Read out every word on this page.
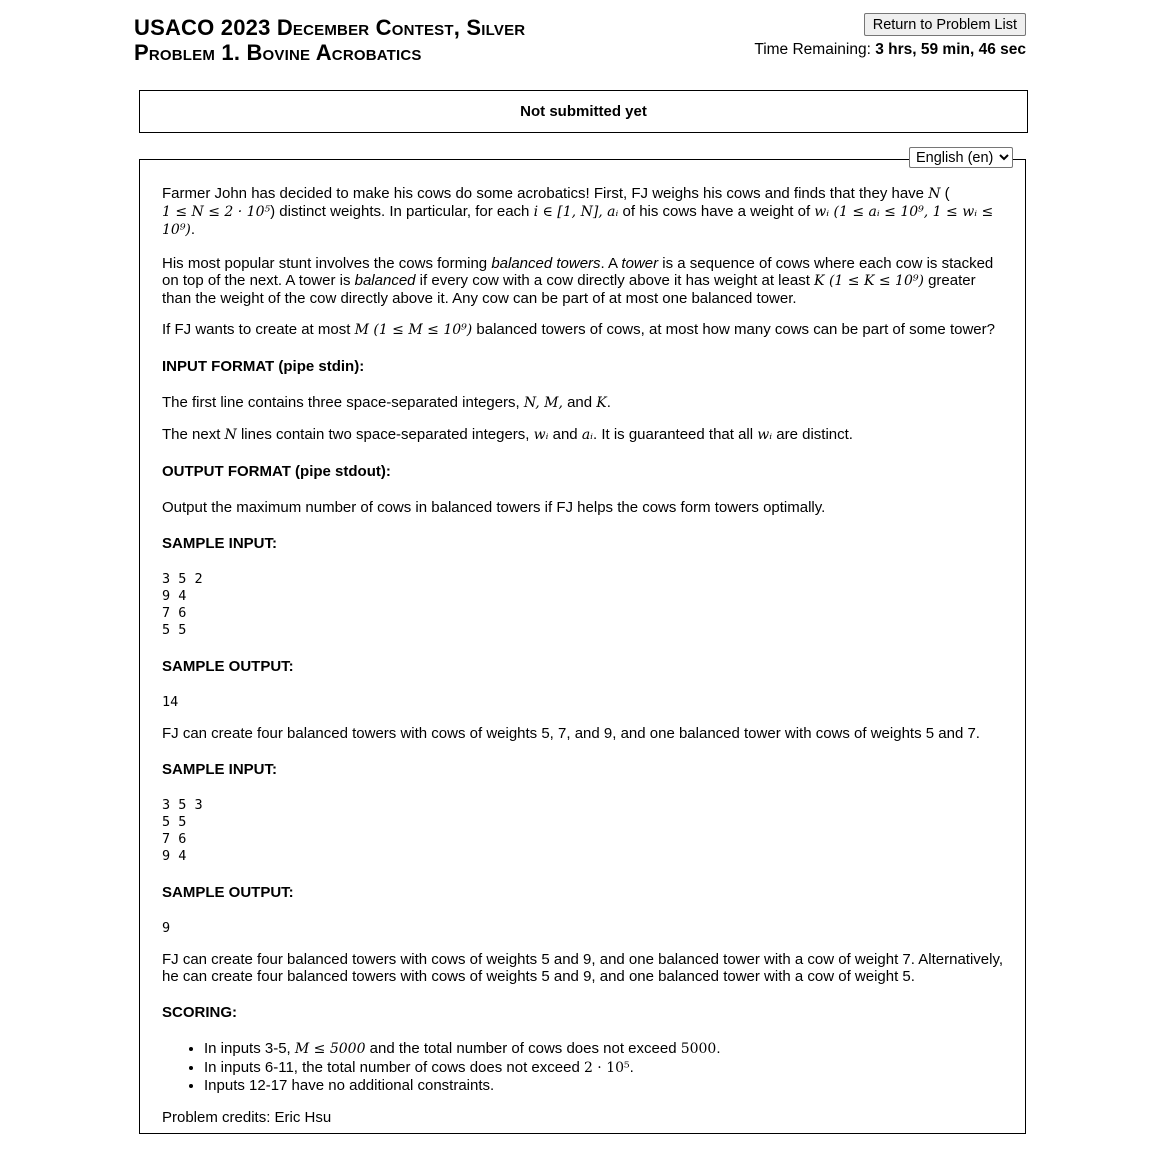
USACO 2023 December Contest, Silver
Problem 1. Bovine Acrobatics
Return to Problem List
Time Remaining: 3 hrs, 59 min, 46 sec
Not submitted yet
English (en)

Farmer John has decided to make his cows do some acrobatics! First, FJ weighs his cows and finds that they have N (
1 ≤ N ≤ 2 · 10⁵) distinct weights. In particular, for each i ∈ [1, N], aᵢ of his cows have a weight of wᵢ (1 ≤ aᵢ ≤ 10⁹, 1 ≤ wᵢ ≤ 10⁹).

His most popular stunt involves the cows forming balanced towers. A tower is a sequence of cows where each cow is stacked on top of the next. A tower is balanced if every cow with a cow directly above it has weight at least K (1 ≤ K ≤ 10⁹) greater than the weight of the cow directly above it. Any cow can be part of at most one balanced tower.

If FJ wants to create at most M (1 ≤ M ≤ 10⁹) balanced towers of cows, at most how many cows can be part of some tower?

INPUT FORMAT (pipe stdin):

The first line contains three space-separated integers, N, M, and K.

The next N lines contain two space-separated integers, wᵢ and aᵢ. It is guaranteed that all wᵢ are distinct.

OUTPUT FORMAT (pipe stdout):

Output the maximum number of cows in balanced towers if FJ helps the cows form towers optimally.

SAMPLE INPUT:

3 5 2
9 4
7 6
5 5

SAMPLE OUTPUT:

14

FJ can create four balanced towers with cows of weights 5, 7, and 9, and one balanced tower with cows of weights 5 and 7.

SAMPLE INPUT:

3 5 3
5 5
7 6
9 4

SAMPLE OUTPUT:

9

FJ can create four balanced towers with cows of weights 5 and 9, and one balanced tower with a cow of weight 7. Alternatively, he can create four balanced towers with cows of weights 5 and 9, and one balanced tower with a cow of weight 5.

SCORING:

• In inputs 3-5, M ≤ 5000 and the total number of cows does not exceed 5000.
• In inputs 6-11, the total number of cows does not exceed 2 · 10⁵.
• Inputs 12-17 have no additional constraints.

Problem credits: Eric Hsu
